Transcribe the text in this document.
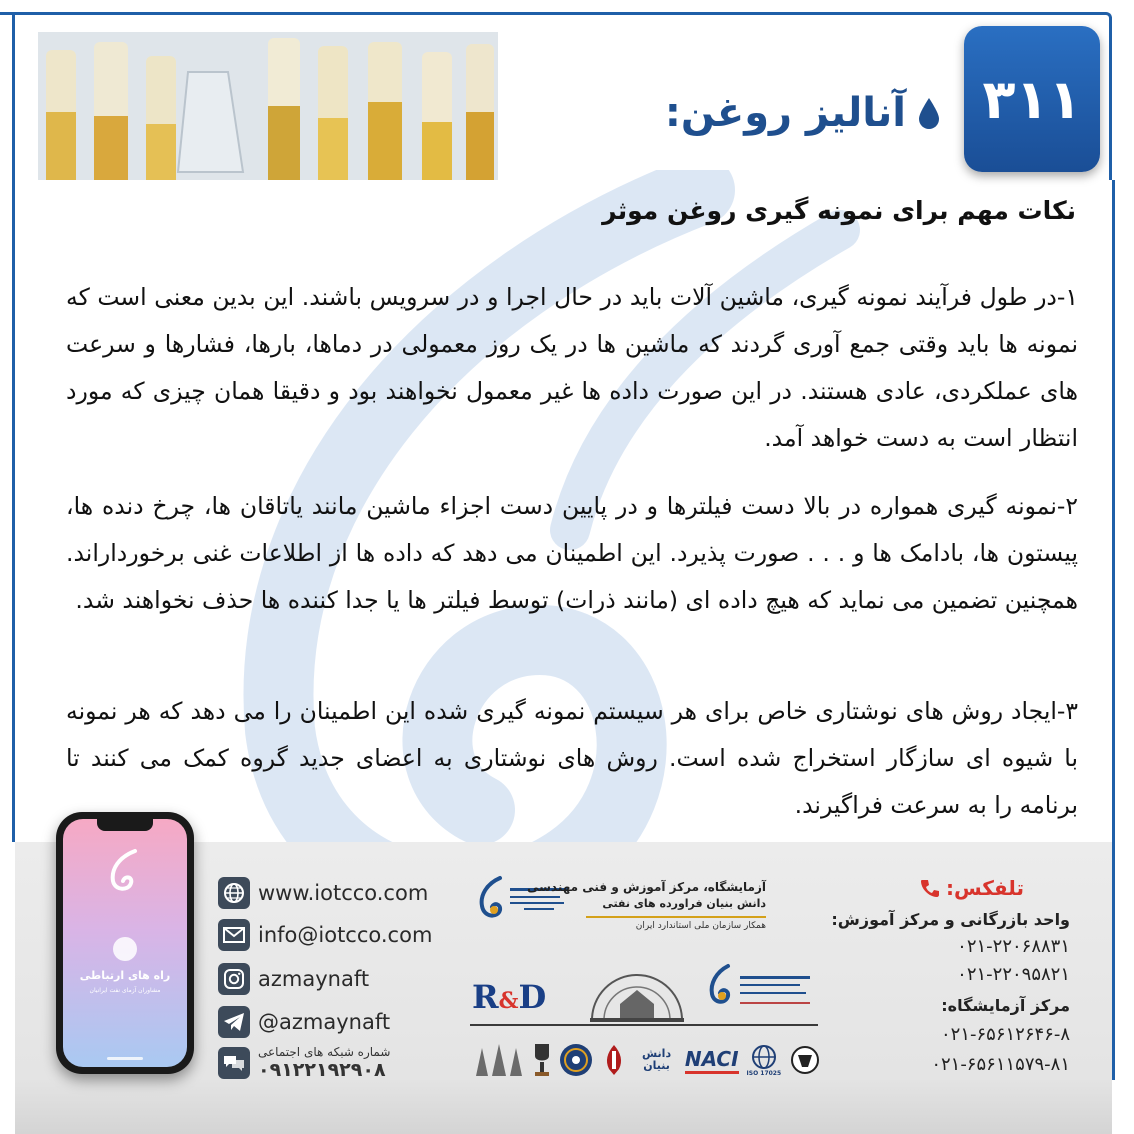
۳۱۱
آنالیز روغن:
نکات مهم برای نمونه گیری روغن موثر
۱-در طول فرآیند نمونه گیری، ماشین آلات باید در حال اجرا و در سرویس باشند. این بدین معنی است که نمونه ها باید وقتی جمع آوری گردند که ماشین ها در یک روز معمولی در دماها، بارها، فشارها و سرعت های عملکردی، عادی هستند. در این صورت داده ها غیر معمول نخواهند بود و دقیقا همان چیزی که مورد انتظار است به دست خواهد آمد.
۲-نمونه گیری همواره در بالا دست فیلترها و در پایین دست اجزاء ماشین مانند یاتاقان ها، چرخ دنده ها، پیستون ها، بادامک ها و . . . صورت پذیرد. این اطمینان می دهد که داده ها از اطلاعات غنی برخورداراند. همچنین تضمین می نماید که هیچ داده ای (مانند ذرات) توسط فیلتر ها یا جدا کننده ها حذف نخواهند شد.
۳-ایجاد روش های نوشتاری خاص برای هر سیستم نمونه گیری شده این اطمینان را می دهد که هر نمونه با شیوه ای سازگار استخراج شده است. روش های نوشتاری به اعضای جدید گروه کمک می کنند تا برنامه را به سرعت فراگیرند.
راه های ارتباطی
مشاوران آزمای نفت ایرانیان
www.iotcco.com
info@iotcco.com
azmaynaft
@azmaynaft
شماره شبکه های اجتماعی
۰۹۱۲۲۱۹۲۹۰۸
آزمایشگاه، مرکز آموزش و فنی مهندسی
دانش بنیان فراورده های نفتی
همکار سازمان ملی استاندارد ایران
R&D
دانش بنیان NACI
ISO 17025
تلفکس:
واحد بازرگانی و مرکز آموزش:
۰۲۱-۲۲۰۶۸۸۳۱
۰۲۱-۲۲۰۹۵۸۲۱
مرکز آزمایشگاه:
۰۲۱-۶۵۶۱۲۶۴۶-۸
۰۲۱-۶۵۶۱۱۵۷۹-۸۱
